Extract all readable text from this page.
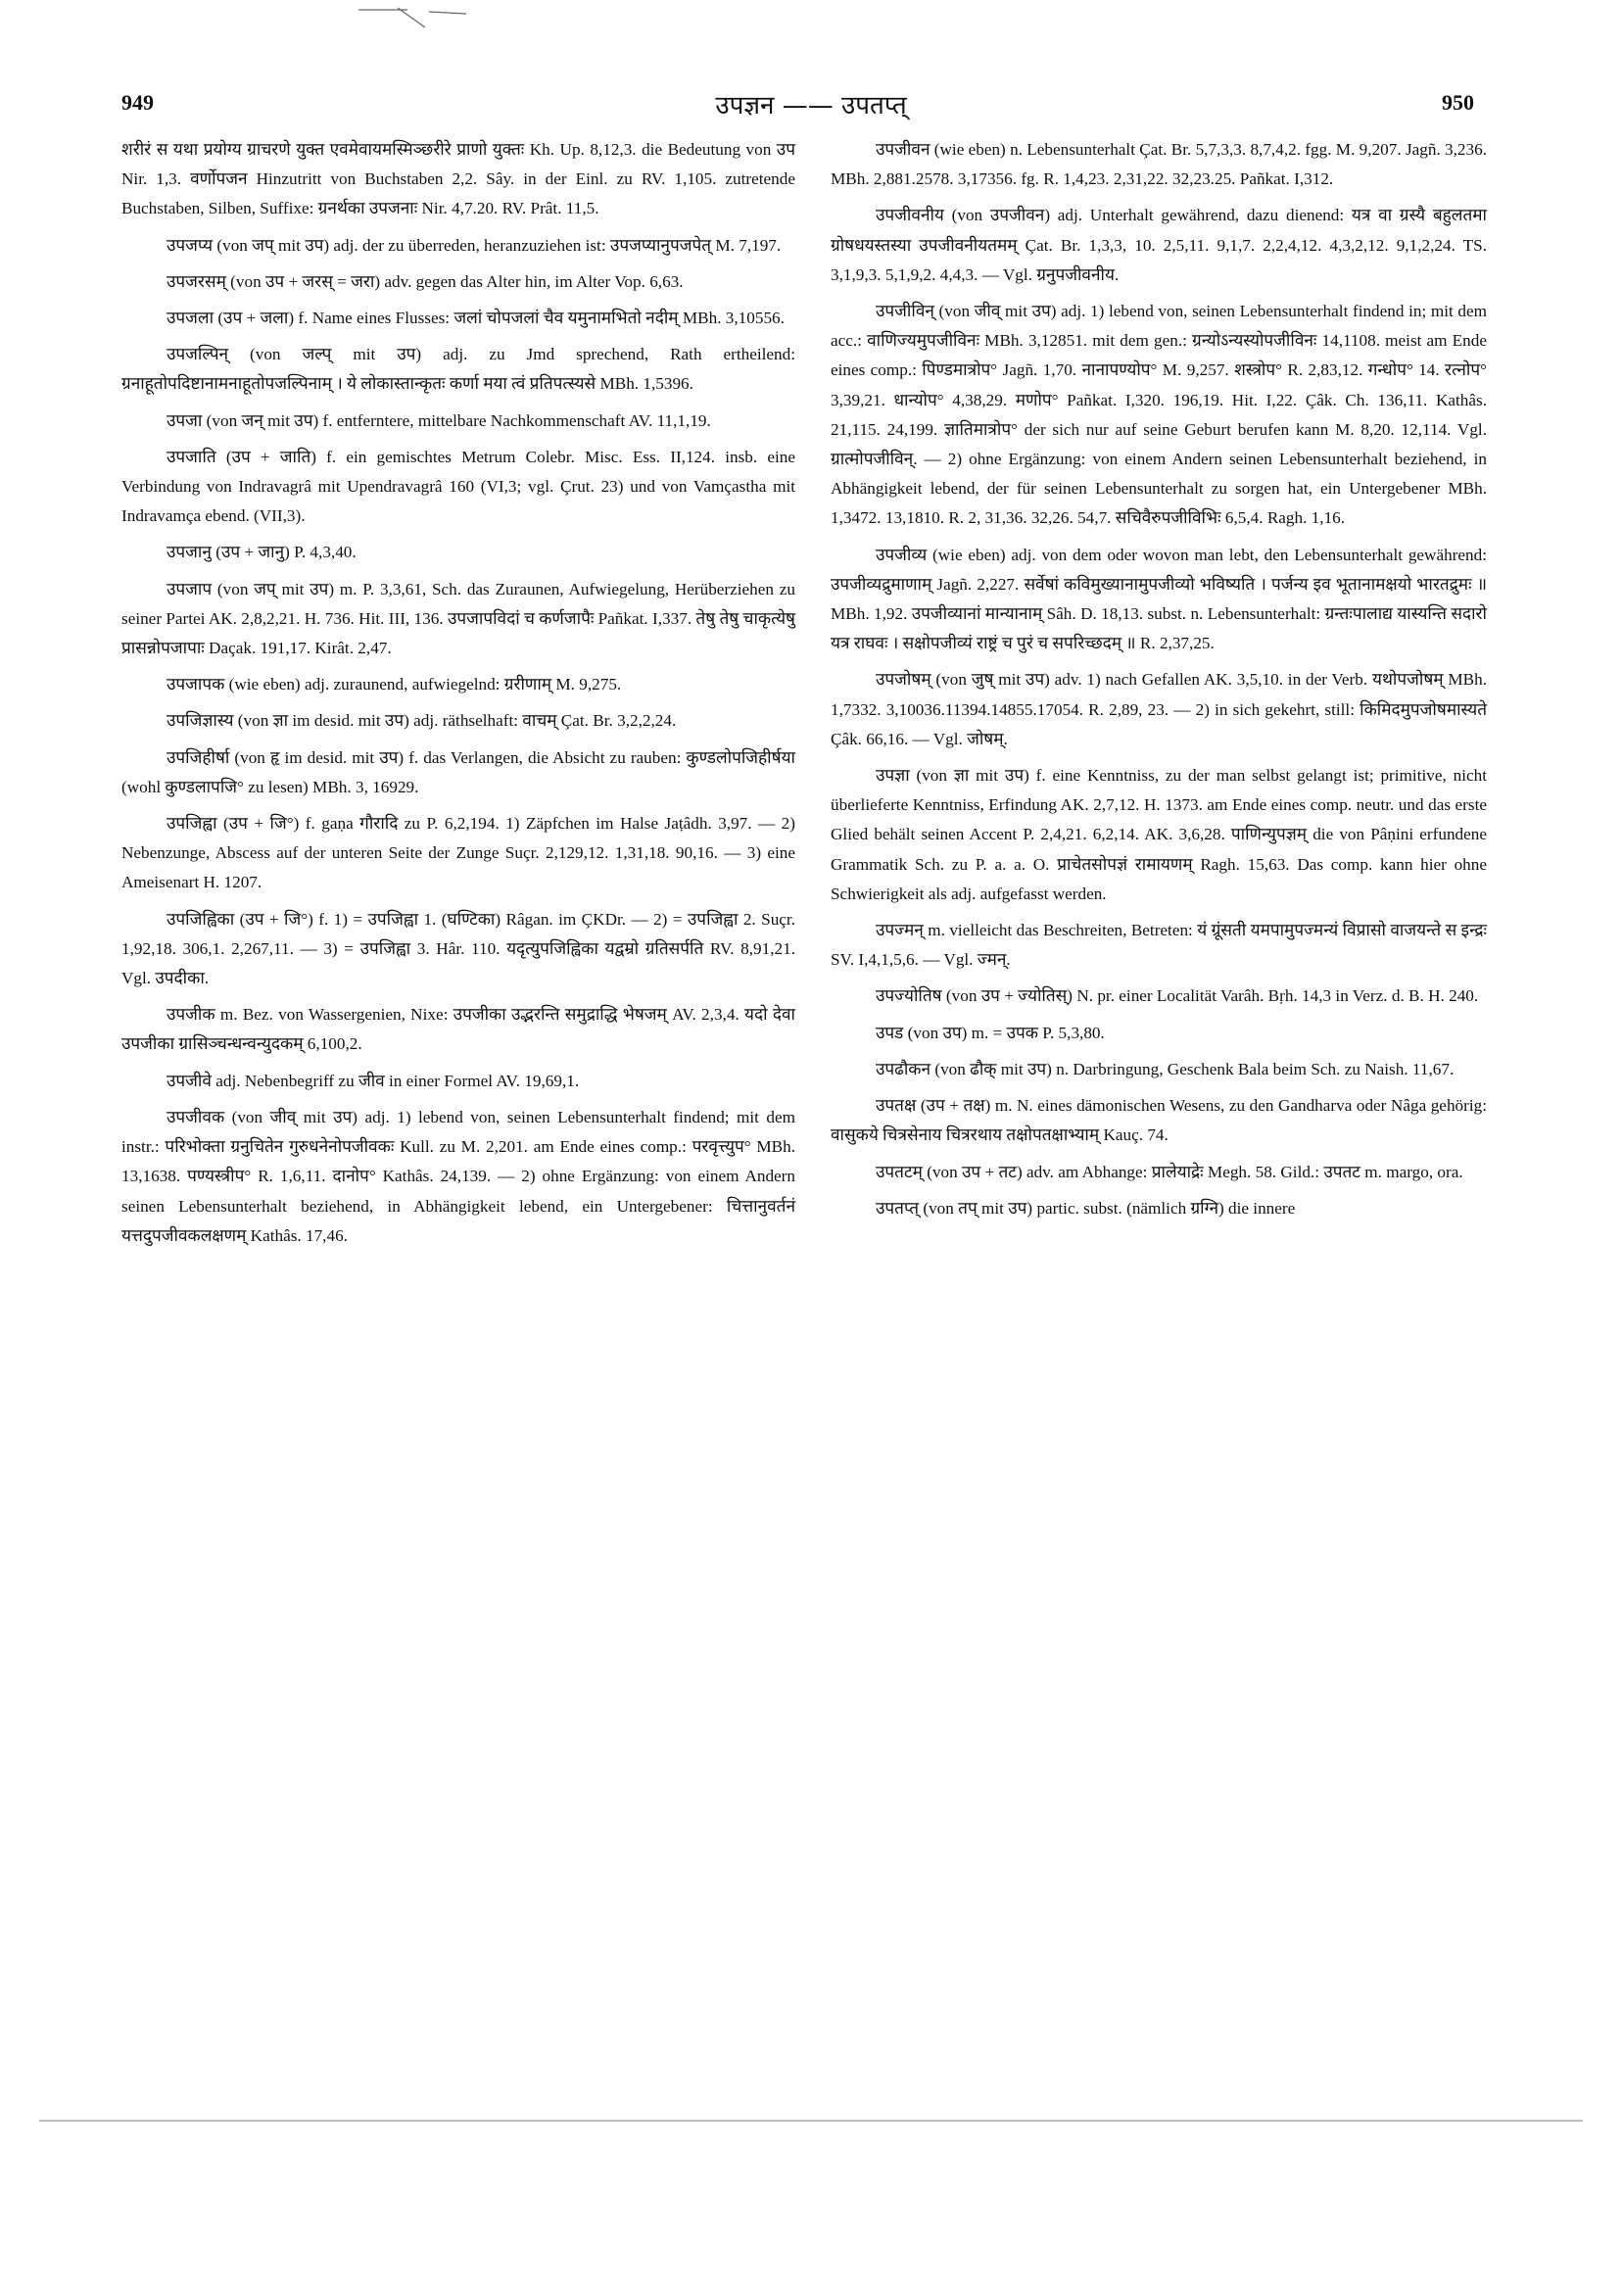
949	उपज्ञन —— उपतप्त्	950

शरीरं स यथा प्रयोग्य ग्राचरणे युक्त एवमेवायमस्मिञ्छरीरे प्राणो युक्तः Kh. Up. 8,12,3. die Bedeutung von उप Nir. 1,3. वर्णोपजन Hinzutritt von Buchstaben 2,2. Sây. in der Einl. zu RV. 1,105. zutretende Buchstaben, Silben, Suffixe: ग्रनर्थका उपजनाः Nir. 4,7.20. RV. Prât. 11,5.

उपजप्य (von जप् mit उप) adj. der zu überreden, heranzuziehen ist: उपजप्यानुपजपेत् M. 7,197.

उपजरसम् (von उप + जरस् = जरा) adv. gegen das Alter hin, im Alter Vop. 6,63.

उपजला (उप + जला) f. Name eines Flusses: जलां चोपजलां चैव यमुनामभितो नदीम् MBh. 3,10556.

उपजल्पिन् (von जल्प् mit उप) adj. zu Jmd sprechend, Rath ertheilend: ग्रनाहूतोपदिष्टानामनाहूतोपजल्पिनाम् । ये लोकास्तान्कृतः कर्णा मया त्वं प्रतिपत्स्यसे MBh. 1,5396.

उपजा (von जन् mit उप) f. entferntere, mittelbare Nachkommenschaft AV. 11,1,19.

उपजाति (उप + जाति) f. ein gemischtes Metrum Colebr. Misc. Ess. II,124. insb. eine Verbindung von Indravagrâ mit Upendravagrâ 160 (VI,3; vgl. Çrut. 23) und von Vamçastha mit Indravamça ebend. (VII,3).

उपजानु (उप + जानु) P. 4,3,40.

उपजाप (von जप् mit उप) m. P. 3,3,61, Sch. das Zuraunen, Aufwiegelung, Herüberziehen zu seiner Partei AK. 2,8,2,21. H. 736. Hit. III, 136. उपजापविदां च कर्णजापैः Pañkat. I,337. तेषु तेषु चाकृत्येषु प्रासन्नोपजापाः Daçak. 191,17. Kirât. 2,47.

उपजापक (wie eben) adj. zuraunend, aufwiegelnd: ग्ररीणाम् M. 9,275.

उपजिज्ञास्य (von ज्ञा im desid. mit उप) adj. räthselhaft: वाचम् Çat. Br. 3,2,2,24.

उपजिहीर्षा (von हृ im desid. mit उप) f. das Verlangen, die Absicht zu rauben: कुण्डलोपजिहीर्षया (wohl कुण्डलापजि° zu lesen) MBh. 3, 16929.

उपजिह्वा (उप + जि°) f. gaṇa गौरादि zu P. 6,2,194. 1) Zäpfchen im Halse Jaṭâdh. 3,97. — 2) Nebenzunge, Abscess auf der unteren Seite der Zunge Suçr. 2,129,12. 1,31,18. 90,16. — 3) eine Ameisenart H. 1207.

उपजिह्विका (उप + जि°) f. 1) = उपजिह्वा 1. (घण्टिका) Râgan. im ÇKDr. — 2) = उपजिह्वा 2. Suçr. 1,92,18. 306,1. 2,267,11. — 3) = उपजिह्वा 3. Hâr. 110. यदृत्युपजिह्विका यद्वम्रो ग्रतिसर्पति RV. 8,91,21. Vgl. उपदीका.

उपजीक m. Bez. von Wassergenien, Nixe: उपजीका उद्भरन्ति समुद्राद्धि भेषजम् AV. 2,3,4. यदो देवा उपजीका ग्रासिञ्चन्धन्वन्युदकम् 6,100,2.

उपजीवे adj. Nebenbegriff zu जीव in einer Formel AV. 19,69,1.

उपजीवक (von जीव् mit उप) adj. 1) lebend von, seinen Lebensunterhalt findend; mit dem instr.: परिभोक्ता ग्रनुचितेन गुरुधनेनोपजीवकः Kull. zu M. 2,201. am Ende eines comp.: परवृत्त्युप° MBh. 13,1638. पण्यस्त्रीप° R. 1,6,11. दानोप° Kathâs. 24,139. — 2) ohne Ergänzung: von einem Andern seinen Lebensunterhalt beziehend, in Abhängigkeit lebend, ein Untergebener: चित्तानुवर्तनं यत्तदुपजीवकलक्षणम् Kathâs. 17,46.

उपजीवन (wie eben) n. Lebensunterhalt Çat. Br. 5,7,3,3. 8,7,4,2. fgg. M. 9,207. Jagñ. 3,236. MBh. 2,881.2578. 3,17356. fg. R. 1,4,23. 2,31,22. 32,23.25. Pañkat. I,312.

उपजीवनीय (von उपजीवन) adj. Unterhalt gewährend, dazu dienend: यत्र वा ग्रस्यै बहुलतमा ग्रोषधयस्तस्या उपजीवनीयतमम् Çat. Br. 1,3,3, 10. 2,5,11. 9,1,7. 2,2,4,12. 4,3,2,12. 9,1,2,24. TS. 3,1,9,3. 5,1,9,2. 4,4,3. — Vgl. ग्रनुपजीवनीय.

उपजीविन् (von जीव् mit उप) adj. 1) lebend von, seinen Lebensunterhalt findend in; mit dem acc.: वाणिज्यमुपजीविनः MBh. 3,12851. mit dem gen.: ग्रन्योऽन्यस्योपजीविनः 14,1108. meist am Ende eines comp.: पिण्डमात्रोप° Jagñ. 1,70. नानापण्योप° M. 9,257. शस्त्रोप° R. 2,83,12. गन्धोप° 14. रत्नोप° 3,39,21. धान्योप° 4,38,29. मणोप° Pañkat. I,320. 196,19. Hit. I,22. Çâk. Ch. 136,11. Kathâs. 21,115. 24,199. ज्ञातिमात्रोप° der sich nur auf seine Geburt berufen kann M. 8,20. 12,114. Vgl. ग्रात्मोपजीविन्. — 2) ohne Ergänzung: von einem Andern seinen Lebensunterhalt beziehend, in Abhängigkeit lebend, der für seinen Lebensunterhalt zu sorgen hat, ein Untergebener MBh. 1,3472. 13,1810. R. 2, 31,36. 32,26. 54,7. सचिवैरुपजीविभिः 6,5,4. Ragh. 1,16.

उपजीव्य (wie eben) adj. von dem oder wovon man lebt, den Lebensunterhalt gewährend: उपजीव्यद्रुमाणाम् Jagñ. 2,227. सर्वेषां कविमुख्यानामुपजीव्यो भविष्यति । पर्जन्य इव भूतानामक्षयो भारतद्रुमः ॥ MBh. 1,92. उपजीव्यानां मान्यानाम् Sâh. D. 18,13. subst. n. Lebensunterhalt: ग्रन्तःपालाद्य यास्यन्ति सदारो यत्र राघवः । सक्षोपजीव्यं राष्ट्रं च पुरं च सपरिच्छदम् ॥ R. 2,37,25.

उपजोषम् (von जुष् mit उप) adv. 1) nach Gefallen AK. 3,5,10. in der Verb. यथोपजोषम् MBh. 1,7332. 3,10036.11394.14855.17054. R. 2,89, 23. — 2) in sich gekehrt, still: किमिदमुपजोषमास्यते Çâk. 66,16. — Vgl. जोषम्.

उपज्ञा (von ज्ञा mit उप) f. eine Kenntniss, zu der man selbst gelangt ist; primitive, nicht überlieferte Kenntniss, Erfindung AK. 2,7,12. H. 1373. am Ende eines comp. neutr. und das erste Glied behält seinen Accent P. 2,4,21. 6,2,14. AK. 3,6,28. पाणिन्युपज्ञम् die von Pâṇini erfundene Grammatik Sch. zu P. a. a. O. प्राचेतसोपज्ञं रामायणम् Ragh. 15,63. Das comp. kann hier ohne Schwierigkeit als adj. aufgefasst werden.

उपज्मन् m. vielleicht das Beschreiten, Betreten: यं ग्रूंसती यमपामुपज्मन्यं विप्रासो वाजयन्ते स इन्द्रः SV. I,4,1,5,6. — Vgl. ज्मन्.

उपज्योतिष (von उप + ज्योतिस्) N. pr. einer Localität Varâh. Bṛh. 14,3 in Verz. d. B. H. 240.

उपड (von उप) m. = उपक P. 5,3,80.

उपढौकन (von ढौक् mit उप) n. Darbringung, Geschenk Bala beim Sch. zu Naish. 11,67.

उपतक्ष (उप + तक्ष) m. N. eines dämonischen Wesens, zu den Gandharva oder Nâga gehörig: वासुकये चित्रसेनाय चित्ररथाय तक्षोपतक्षाभ्याम् Kauç. 74.

उपतटम् (von उप + तट) adv. am Abhange: प्रालेयाद्रेः Megh. 58. Gild.: उपतट m. margo, ora.

उपतप्त् (von तप् mit उप) partic. subst. (nämlich ग्रग्नि) die innere
